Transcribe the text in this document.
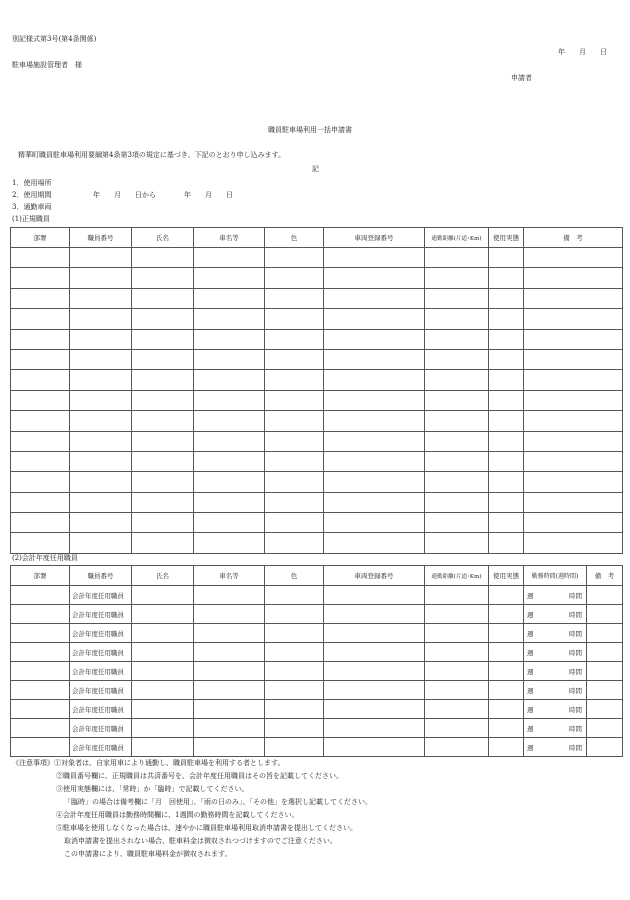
別記様式第3号(第4条関係)
年　　月　　日
駐車場施設管理者　様
申請者
職員駐車場利用一括申請書
精華町職員駐車場利用要綱第4条第3項の規定に基づき、下記のとおり申し込みます。
記
1．使用場所
2．使用期間	年　　月　　日から　　　　年　　月　　日
3．通勤車両
(1)正規職員
部署	職員番号	氏名	車名等	色	車両登録番号	通勤距離(片道･Km)	使用実態	備　考

(2)会計年度任用職員
部署	職員番号	氏名	車名等	色	車両登録番号	通勤距離(片道･Km)	使用実態	勤務時間(週時間)	備　考
	会計年度任用職員							週 時間	

	会計年度任用職員							週 時間	

	会計年度任用職員							週 時間	

	会計年度任用職員							週 時間	

	会計年度任用職員							週 時間	

	会計年度任用職員							週 時間	

	会計年度任用職員							週 時間	

	会計年度任用職員							週 時間	

	会計年度任用職員							週 時間	

《注意事項》①対象者は、自家用車により通勤し、職員駐車場を利用する者とします。
②職員番号欄に、正規職員は共済番号を、会計年度任用職員はその旨を記載してください。
③使用実態欄には、「常時」か「臨時」で記載してください。
「臨時」の場合は備考欄に「月　回使用」、「雨の日のみ」、「その他」を選択し記載してください。
④会計年度任用職員は勤務時間欄に、1週間の勤務時間を記載してください。
⑤駐車場を使用しなくなった場合は、速やかに職員駐車場利用取消申請書を提出してください。
取消申請書を提出されない場合、駐車料金は徴収されつづけますのでご注意ください。
この申請書により、職員駐車場料金が徴収されます。
